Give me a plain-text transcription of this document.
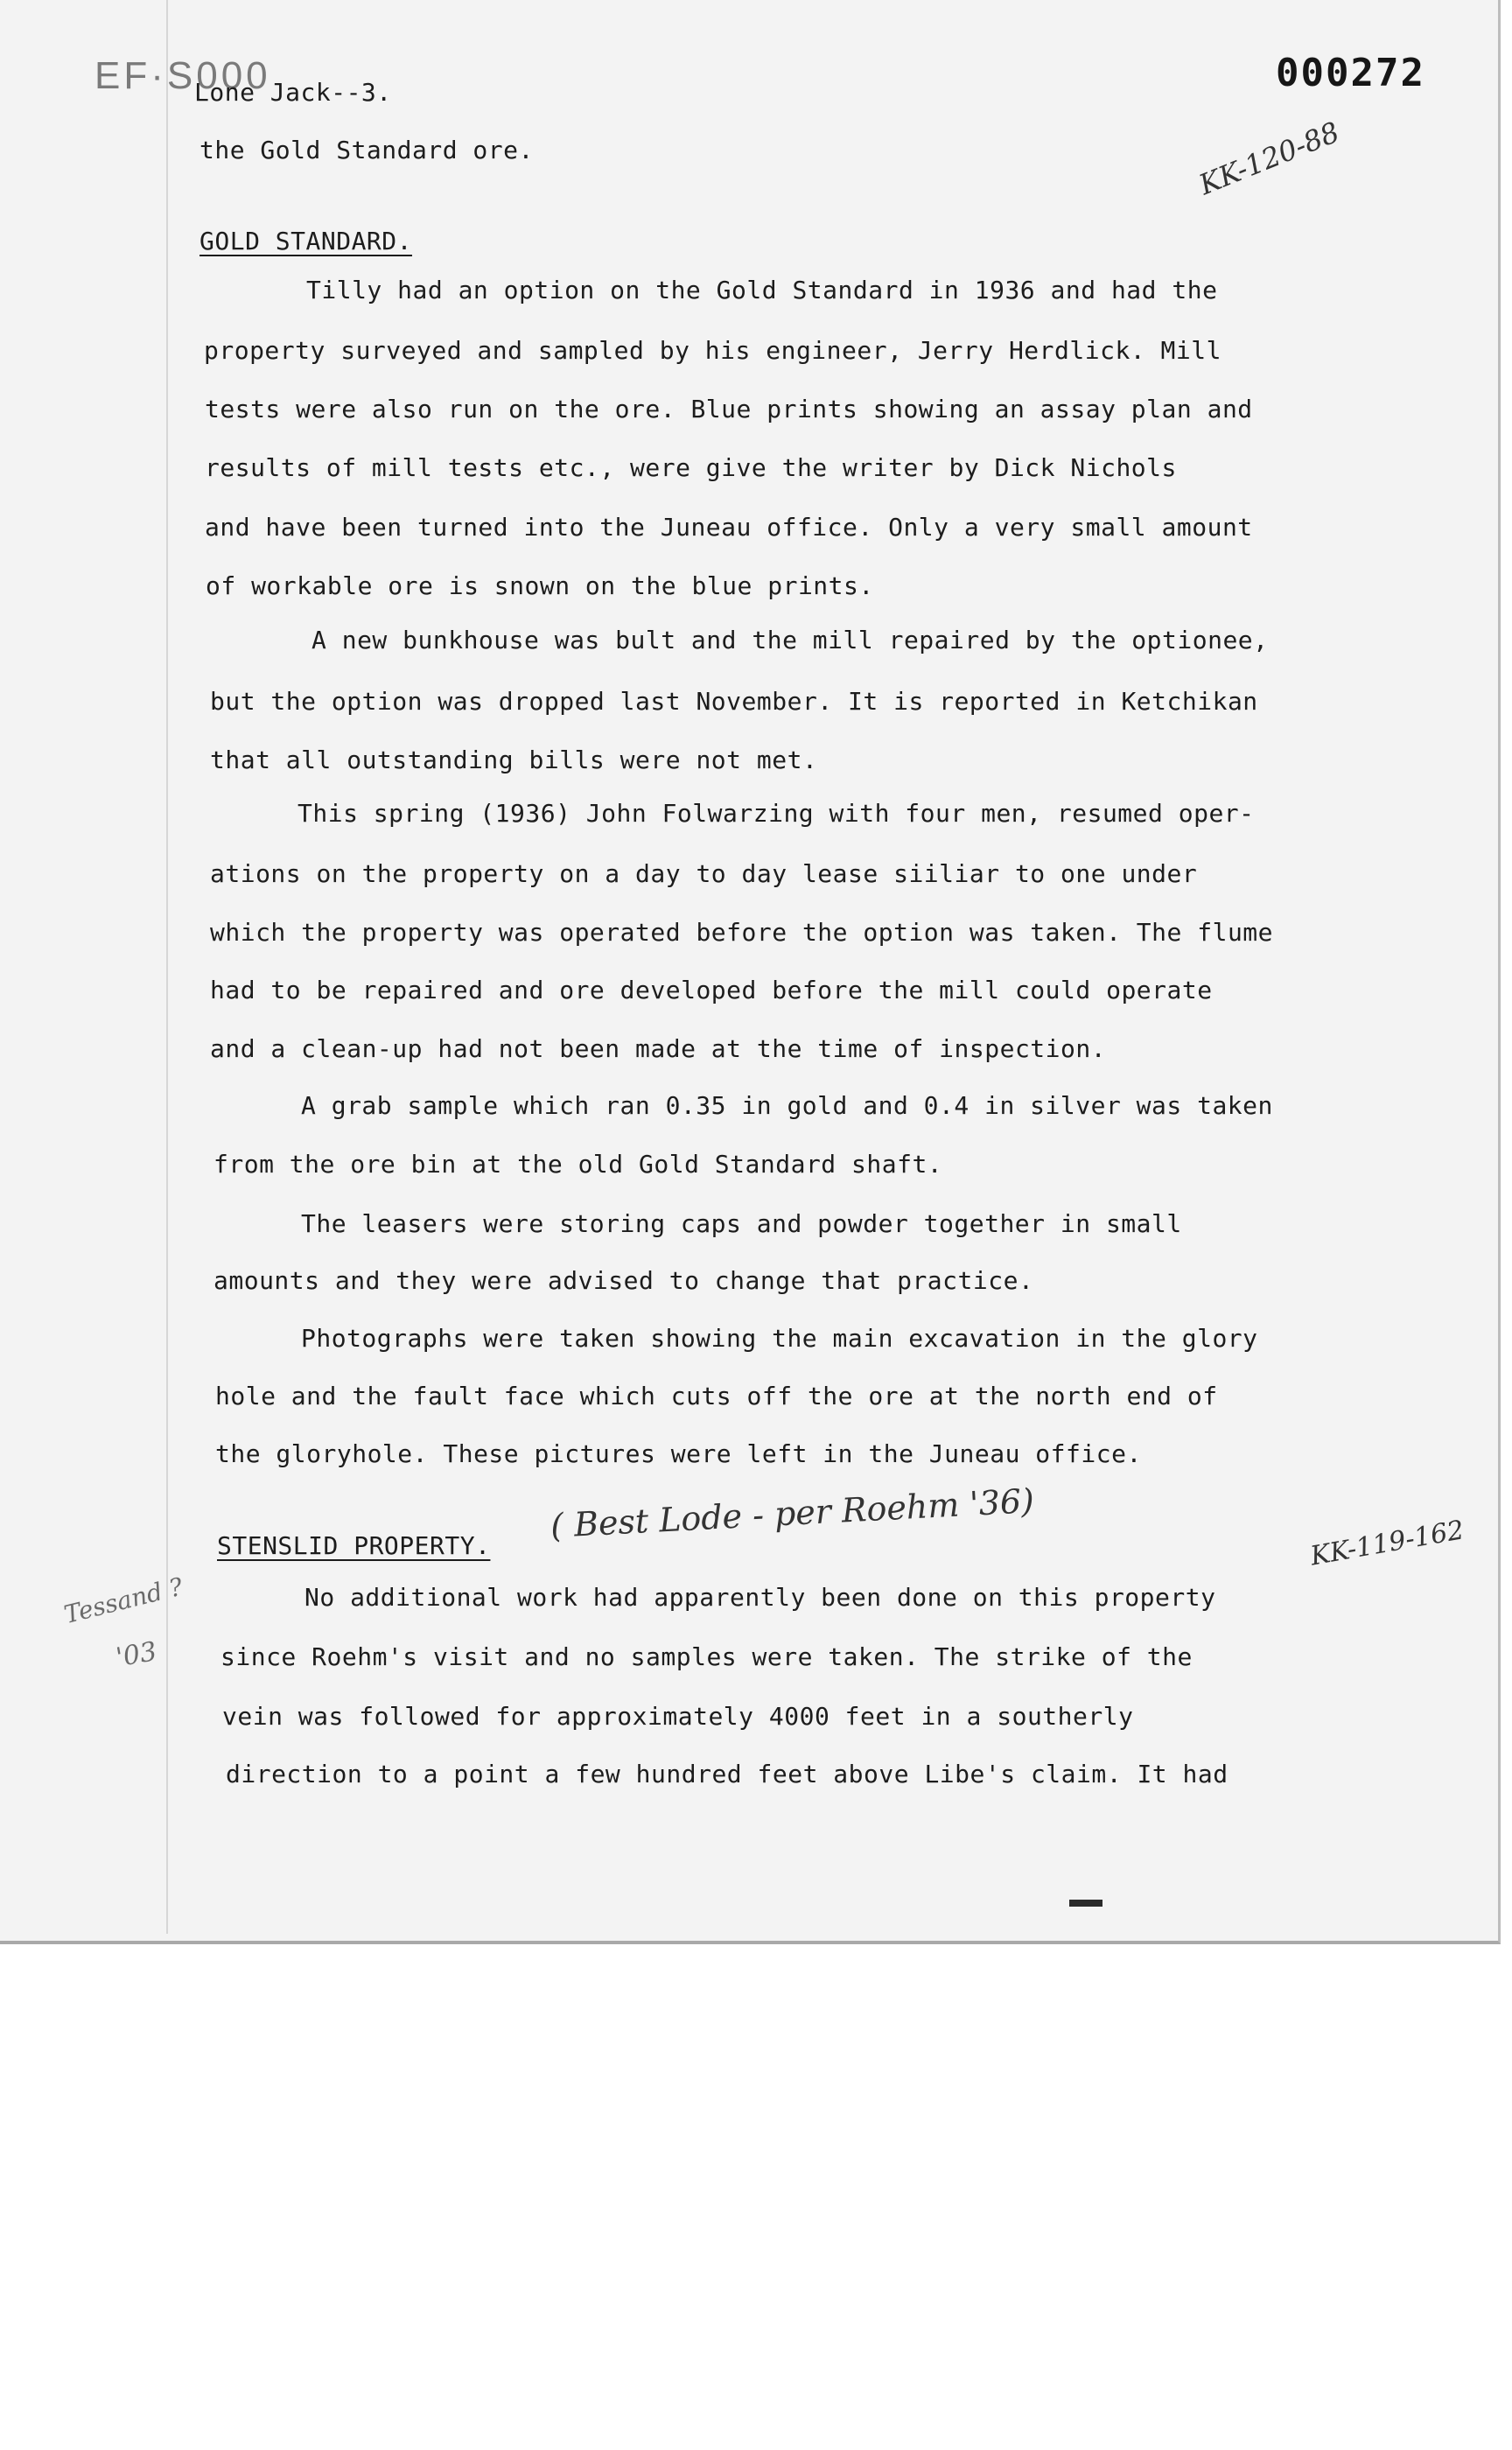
EF·S000	000272
Lone Jack--3.
KK-120-88
the Gold Standard ore.
GOLD STANDARD.
Tilly had an option on the Gold Standard in 1936 and had the
property surveyed and sampled by his engineer, Jerry Herdlick. Mill
tests were also run on the ore. Blue prints showing an assay plan and
results of mill tests etc., were give the writer by Dick Nichols
and have been turned into the Juneau office. Only a very small amount
of workable ore is snown on the blue prints.
A new bunkhouse was bult and the mill repaired by the optionee,
but the option was dropped last November. It is reported in Ketchikan
that all outstanding bills were not met.
This spring (1936) John Folwarzing with four men, resumed oper-
ations on the property on a day to day lease siiliar to one under
which the property was operated before the option was taken. The flume
had to be repaired and ore developed before the mill could operate
and a clean-up had not been made at the time of inspection.
A grab sample which ran 0.35 in gold and 0.4 in silver was taken
from the ore bin at the old Gold Standard shaft.
The leasers were storing caps and powder together in small
amounts and they were advised to change that practice.
Photographs were taken showing the main excavation in the glory
hole and the fault face which cuts off the ore at the north end of
the gloryhole. These pictures were left in the Juneau office.
STENSLID PROPERTY.
( Best Lode - per Roehm '36)	KK-119-162
Tessand ?
'03
No additional work had apparently been done on this property
since Roehm's visit and no samples were taken. The strike of the
vein was followed for approximately 4000 feet in a southerly
direction to a point a few hundred feet above Libe's claim. It had
